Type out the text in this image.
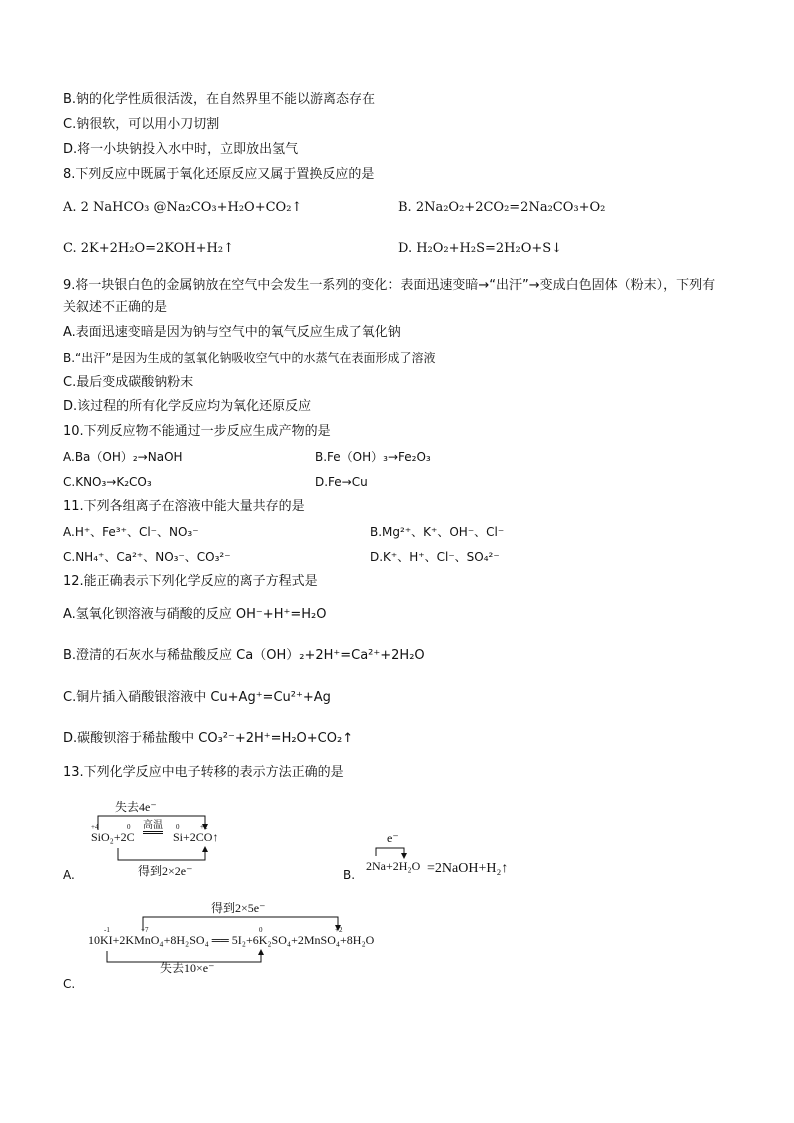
B.钠的化学性质很活泼，在自然界里不能以游离态存在
C.钠很软，可以用小刀切割
D.将一小块钠投入水中时，立即放出氢气
8.下列反应中既属于氧化还原反应又属于置换反应的是
A. 2 NaHCO₃ @Na₂CO₃+H₂O+CO₂↑	B. 2Na₂O₂+2CO₂=2Na₂CO₃+O₂
C. 2K+2H₂O=2KOH+H₂↑	D. H₂O₂+H₂S=2H₂O+S↓
9.将一块银白色的金属钠放在空气中会发生一系列的变化：表面迅速变暗→“出汗”→变成白色固体（粉末），下列有关叙述不正确的是
A.表面迅速变暗是因为钠与空气中的氧气反应生成了氧化钠
B.“出汗”是因为生成的氢氧化钠吸收空气中的水蒸气在表面形成了溶液
C.最后变成碳酸钠粉末
D.该过程的所有化学反应均为氧化还原反应
10.下列反应物不能通过一步反应生成产物的是
A.Ba（OH）₂→NaOH	B.Fe（OH）₃→Fe₂O₃
C.KNO₃→K₂CO₃	D.Fe→Cu
11.下列各组离子在溶液中能大量共存的是
A.H⁺、Fe³⁺、Cl⁻、NO₃⁻	B.Mg²⁺、K⁺、OH⁻、Cl⁻
C.NH₄⁺、Ca²⁺、NO₃⁻、CO₃²⁻	D.K⁺、H⁺、Cl⁻、SO₄²⁻
12.能正确表示下列化学反应的离子方程式是
A.氢氧化钡溶液与硝酸的反应 OH⁻+H⁺=H₂O
B.澄清的石灰水与稀盐酸反应 Ca（OH）₂+2H⁺=Ca²⁺+2H₂O
C.铜片插入硝酸银溶液中 Cu+Ag⁺=Cu²⁺+Ag
D.碳酸钡溶于稀盐酸中 CO₃²⁻+2H⁺=H₂O+CO₂↑
13.下列化学反应中电子转移的表示方法正确的是
失去4e⁻
+4	0	0	+2
SiO₂+2C
高温
Si+2CO↑
得到2×2e⁻
A.
e⁻
2Na+2H₂O =2NaOH+H₂↑
B.
得到2×5e⁻
-1	+7	0	+2
10KI+2KMnO₄+8H₂SO₄ ══ 5I₂+6K₂SO₄+2MnSO₄+8H₂O
失去10×e⁻
C.
